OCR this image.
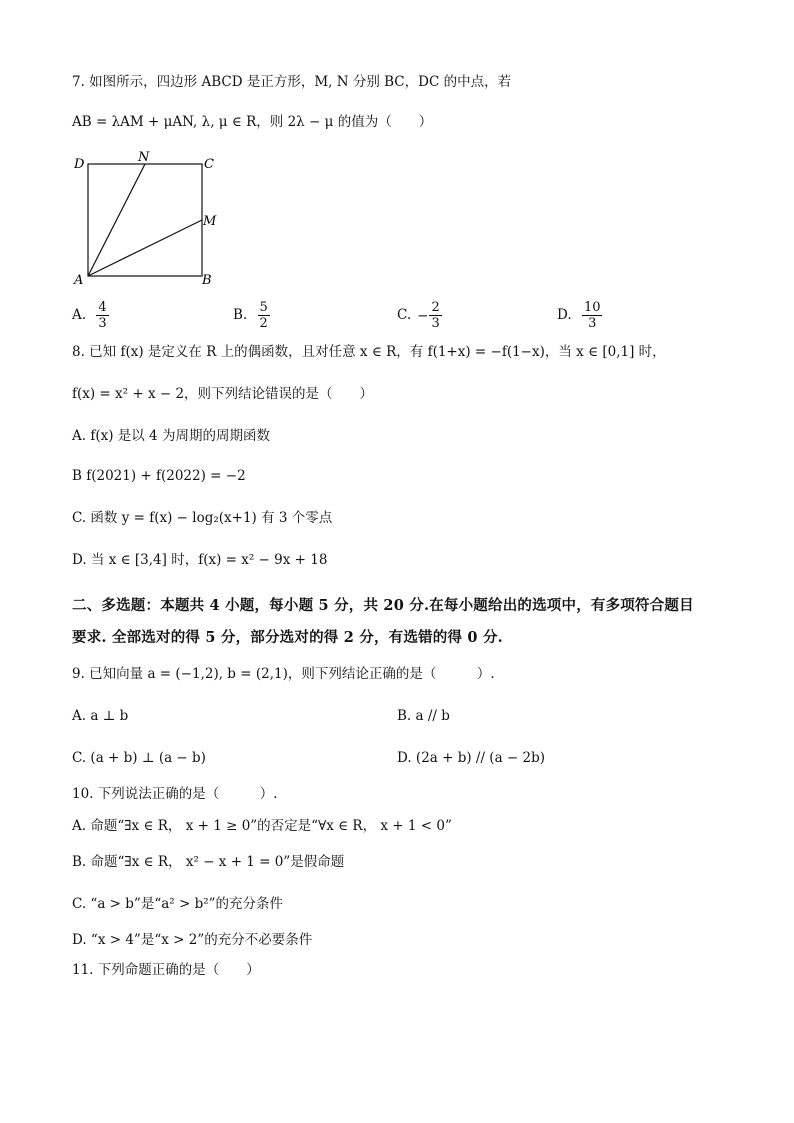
7. 如图所示，四边形 ABCD 是正方形，M, N 分别 BC，DC 的中点，若
AB = λAM + μAN, λ, μ ∈ R，则 2λ − μ 的值为（　　）
D	N	C
M
A	B
A. $\frac{4}{3}$	B. $\frac{5}{2}$	C. − $\frac{2}{3}$	D. $\frac{10}{3}$
8. 已知 f(x) 是定义在 R 上的偶函数，且对任意 x ∈ R，有 f(1+x) = −f(1−x)，当 x ∈ [0,1] 时，
f(x) = x² + x − 2，则下列结论错误的是（　　）
A. f(x) 是以 4 为周期的周期函数
B f(2021) + f(2022) = −2
C. 函数 y = f(x) − log₂(x+1) 有 3 个零点
D. 当 x ∈ [3,4] 时，f(x) = x² − 9x + 18
二、多选题：本题共 4 小题，每小题 5 分，共 20 分.在每小题给出的选项中，有多项符合题目
要求. 全部选对的得 5 分，部分选对的得 2 分，有选错的得 0 分.
9. 已知向量 a = (−1,2), b = (2,1)，则下列结论正确的是（　　　）.
A. a ⊥ b	B. a // b
C. (a + b) ⊥ (a − b)	D. (2a + b) // (a − 2b)
10. 下列说法正确的是（　　　）.
A. 命题“∃x ∈ R， x + 1 ≥ 0”的否定是“∀x ∈ R， x + 1 < 0”
B. 命题“∃x ∈ R， x² − x + 1 = 0”是假命题
C. “a > b”是“a² > b²”的充分条件
D. “x > 4”是“x > 2”的充分不必要条件
11. 下列命题正确的是（　　）
